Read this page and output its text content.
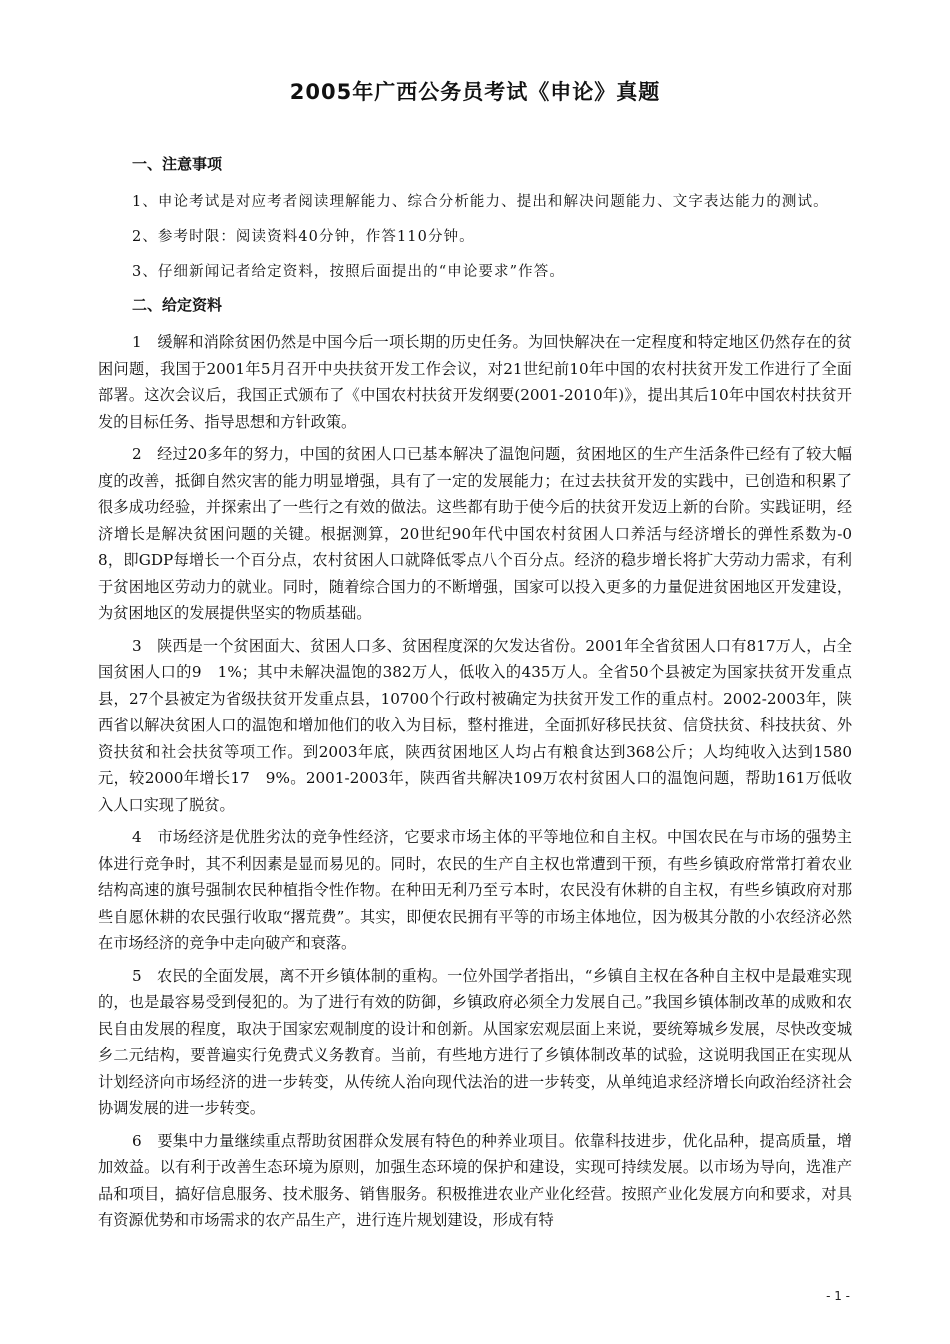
2005年广西公务员考试《申论》真题
一、注意事项

1、申论考试是对应考者阅读理解能力、综合分析能力、提出和解决问题能力、文字表达能力的测试。

2、参考时限：阅读资料40分钟，作答110分钟。

3、仔细新闻记者给定资料，按照后面提出的“申论要求”作答。

二、给定资料

1　缓解和消除贫困仍然是中国今后一项长期的历史任务。为回快解决在一定程度和特定地区仍然存在的贫困问题，我国于2001年5月召开中央扶贫开发工作会议，对21世纪前10年中国的农村扶贫开发工作进行了全面部署。这次会议后，我国正式颁布了《中国农村扶贫开发纲要(2001-2010年)》，提出其后10年中国农村扶贫开发的目标任务、指导思想和方针政策。

2　经过20多年的努力，中国的贫困人口已基本解决了温饱问题，贫困地区的生产生活条件已经有了较大幅度的改善，抵御自然灾害的能力明显增强，具有了一定的发展能力；在过去扶贫开发的实践中，已创造和积累了很多成功经验，并探索出了一些行之有效的做法。这些都有助于使今后的扶贫开发迈上新的台阶。实践证明，经济增长是解决贫困问题的关键。根据测算，20世纪90年代中国农村贫困人口养活与经济增长的弹性系数为-0　8，即GDP每增长一个百分点，农村贫困人口就降低零点八个百分点。经济的稳步增长将扩大劳动力需求，有利于贫困地区劳动力的就业。同时，随着综合国力的不断增强，国家可以投入更多的力量促进贫困地区开发建设，为贫困地区的发展提供坚实的物质基础。

3　陕西是一个贫困面大、贫困人口多、贫困程度深的欠发达省份。2001年全省贫困人口有817万人，占全国贫困人口的9　1%；其中未解决温饱的382万人，低收入的435万人。全省50个县被定为国家扶贫开发重点县，27个县被定为省级扶贫开发重点县，10700个行政村被确定为扶贫开发工作的重点村。2002-2003年，陕西省以解决贫困人口的温饱和增加他们的收入为目标，整村推进，全面抓好移民扶贫、信贷扶贫、科技扶贫、外资扶贫和社会扶贫等项工作。到2003年底，陕西贫困地区人均占有粮食达到368公斤；人均纯收入达到1580元，较2000年增长17　9%。2001-2003年，陕西省共解决109万农村贫困人口的温饱问题，帮助161万低收入人口实现了脱贫。

4　市场经济是优胜劣汰的竞争性经济，它要求市场主体的平等地位和自主权。中国农民在与市场的强势主体进行竞争时，其不利因素是显而易见的。同时，农民的生产自主权也常遭到干预，有些乡镇政府常常打着农业结构高速的旗号强制农民种植指令性作物。在种田无利乃至亏本时，农民没有休耕的自主权，有些乡镇政府对那些自愿休耕的农民强行收取“撂荒费”。其实，即便农民拥有平等的市场主体地位，因为极其分散的小农经济必然在市场经济的竞争中走向破产和衰落。

5　农民的全面发展，离不开乡镇体制的重构。一位外国学者指出，“乡镇自主权在各种自主权中是最难实现的，也是最容易受到侵犯的。为了进行有效的防御，乡镇政府必须全力发展自己。”我国乡镇体制改革的成败和农民自由发展的程度，取决于国家宏观制度的设计和创新。从国家宏观层面上来说，要统筹城乡发展，尽快改变城乡二元结构，要普遍实行免费式义务教育。当前，有些地方进行了乡镇体制改革的试验，这说明我国正在实现从计划经济向市场经济的进一步转变，从传统人治向现代法治的进一步转变，从单纯追求经济增长向政治经济社会协调发展的进一步转变。

6　要集中力量继续重点帮助贫困群众发展有特色的种养业项目。依靠科技进步，优化品种，提高质量，增加效益。以有利于改善生态环境为原则，加强生态环境的保护和建设，实现可持续发展。以市场为导向，选准产品和项目，搞好信息服务、技术服务、销售服务。积极推进农业产业化经营。按照产业化发展方向和要求，对具有资源优势和市场需求的农产品生产，进行连片规划建设，形成有特

- 1 -
